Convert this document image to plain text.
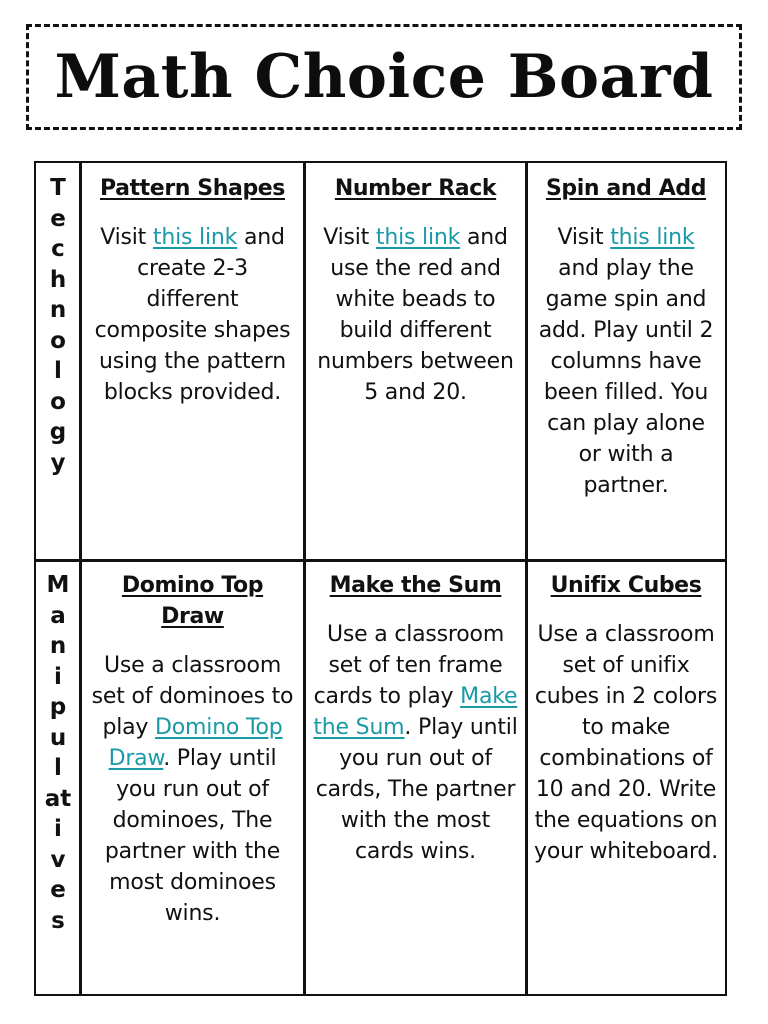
Math Choice Board
T
e
c
h
n
o
l
o
g
y
Pattern Shapes
Visit this link and create 2-3 different composite shapes using the pattern blocks provided.
Number Rack
Visit this link and use the red and white beads to build different numbers between 5 and 20.
Spin and Add
Visit this link and play the game spin and add. Play until 2 columns have been filled. You can play alone or with a partner.
M
a
n
i
p
u
l
at
i
v
e
s
Domino Top Draw
Use a classroom set of dominoes to play Domino Top Draw. Play until you run out of dominoes, The partner with the most dominoes wins.
Make the Sum
Use a classroom set of ten frame cards to play Make the Sum. Play until you run out of cards, The partner with the most cards wins.
Unifix Cubes
Use a classroom set of unifix cubes in 2 colors to make combinations of 10 and 20. Write the equations on your whiteboard.
